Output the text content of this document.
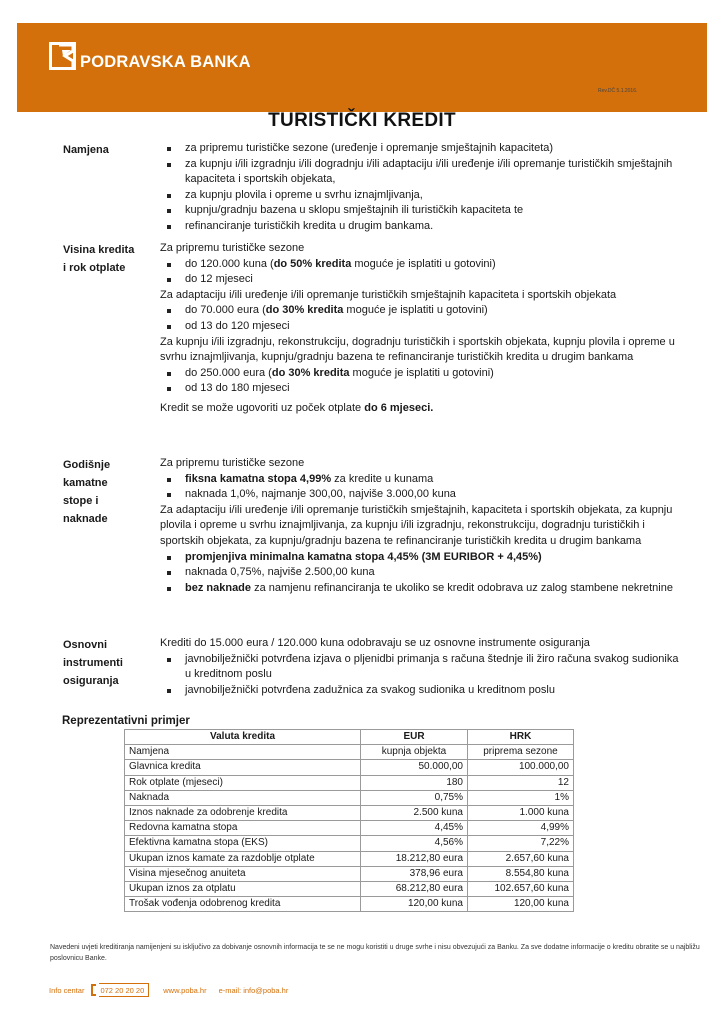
PODRAVSKA BANKA
Rev.DČ 5.1.2016.
TURISTIČKI KREDIT
Namjena	za pripremu turističke sezone (uređenje i opremanje smještajnih kapaciteta)
za kupnju i/ili izgradnju i/ili dogradnju i/ili adaptaciju i/ili uređenje i/ili opremanje turističkih smještajnih kapaciteta i sportskih objekata,
za kupnju plovila i opreme u svrhu iznajmljivanja,
kupnju/gradnju bazena u sklopu smještajnih ili turističkih kapaciteta te
refinanciranje turističkih kredita u drugim bankama.
Visina kredita
i rok otplate
Za pripremu turističke sezone
do 120.000 kuna (do 50% kredita moguće je isplatiti u gotovini)
do 12 mjeseci
Za adaptaciju i/ili uređenje i/ili opremanje turističkih smještajnih kapaciteta i sportskih objekata
do 70.000 eura (do 30% kredita moguće je isplatiti u gotovini)
od 13 do 120 mjeseci
Za kupnju i/ili izgradnju, rekonstrukciju, dogradnju turističkih i sportskih objekata, kupnju plovila i opreme u svrhu iznajmljivanja, kupnju/gradnju bazena te refinanciranje turističkih kredita u drugim bankama
do 250.000 eura (do 30% kredita moguće je isplatiti u gotovini)
od 13 do 180 mjeseci
Kredit se može ugovoriti uz poček otplate do 6 mjeseci.
Godišnje
kamatne
stope i
naknade
Za pripremu turističke sezone
fiksna kamatna stopa 4,99% za kredite u kunama
naknada 1,0%, najmanje 300,00, najviše 3.000,00 kuna
Za adaptaciju i/ili uređenje i/ili opremanje turističkih smještajnih, kapaciteta i sportskih objekata, za kupnju plovila i opreme u svrhu iznajmljivanja, za kupnju i/ili izgradnju, rekonstrukciju, dogradnju turističkih i sportskih objekata, za kupnju/gradnju bazena te refinanciranje turističkih kredita u drugim bankama
promjenjiva minimalna kamatna stopa 4,45% (3M EURIBOR + 4,45%)
naknada 0,75%, najviše 2.500,00 kuna
bez naknade za namjenu refinanciranja te ukoliko se kredit odobrava uz zalog stambene nekretnine
Osnovni
instrumenti
osiguranja
Krediti do 15.000 eura / 120.000 kuna odobravaju se uz osnovne instrumente osiguranja
javnobilježnički potvrđena izjava o pljenidbi primanja s računa štednje ili žiro računa svakog sudionika u kreditnom poslu
javnobilježnički potvrđena zadužnica za svakog sudionika u kreditnom poslu
Reprezentativni primjer
Valuta kredita	EUR	HRK
Namjena	kupnja objekta	priprema sezone
Glavnica kredita	50.000,00	100.000,00
Rok otplate (mjeseci)	180	12
Naknada	0,75%	1%
Iznos naknade za odobrenje kredita	2.500 kuna	1.000 kuna
Redovna kamatna stopa	4,45%	4,99%
Efektivna kamatna stopa (EKS)	4,56%	7,22%
Ukupan iznos kamate za razdoblje otplate	18.212,80 eura	2.657,60 kuna
Visina mjesečnog anuiteta	378,96 eura	8.554,80 kuna
Ukupan iznos za otplatu	68.212,80 eura	102.657,60 kuna
Trošak vođenja odobrenog kredita	120,00 kuna	120,00 kuna
Navedeni uvjeti kreditiranja namijenjeni su isključivo za dobivanje osnovnih informacija te se ne mogu koristiti u druge svrhe i nisu obvezujući za Banku. Za sve dodatne informacije o kreditu obratite se u najbližu poslovnicu Banke.
Info centar 072 20 20 20	www.poba.hr e-mail: info@poba.hr
